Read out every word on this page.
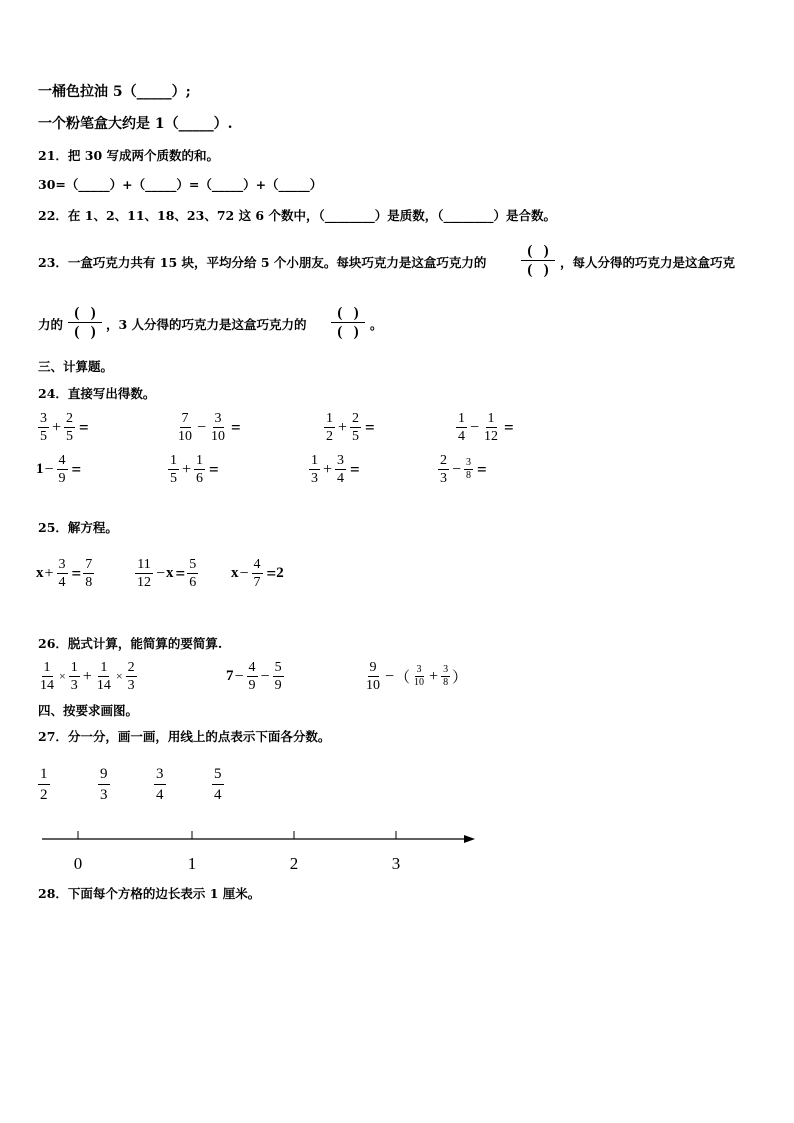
一桶色拉油 5（_____）;
一个粉笔盒大约是 1（_____）.
21．把 30 写成两个质数的和。
30=（_____）+（_____）=（_____）+（_____）
22．在 1、2、11、18、23、72 这 6 个数中，（________）是质数，（________）是合数。
23．一盒巧克力共有 15 块，平均分给 5 个小朋友。每块巧克力是这盒巧克力的
( )
( ) ，每人分得的巧克力是这盒巧克
力的
( )
( ) ，3 人分得的巧克力是这盒巧克力的
( )
( ) 。
三、计算题。
24．直接写出得数。
$\frac{3}{5} + \frac{2}{5}$ =	$\frac{7}{10} - \frac{3}{10}$ =	$\frac{1}{2} + \frac{2}{5}$ =	$\frac{1}{4} - \frac{1}{12}$ =
$1 - \frac{4}{9}$ =	$\frac{1}{5} + \frac{1}{6}$ =	$\frac{1}{3} + \frac{3}{4}$ =	$\frac{2}{3} - \frac{3}{8}$ =
25．解方程。
$x + \frac{3}{4} = \frac{7}{8}$	$\frac{11}{12} - x = \frac{5}{6}$ $x - \frac{4}{7} = 2$
26．脱式计算，能简算的要简算.
$\frac{1}{14} \times \frac{1}{3} + \frac{1}{14} \times \frac{2}{3}$	$7 - \frac{4}{9} - \frac{5}{9}$	$\frac{9}{10}$ − （ $\frac{3}{10} + \frac{3}{8}$ ）
四、按要求画图。
27．分一分，画一画，用线上的点表示下面各分数。
$\frac{1}{2}$	$\frac{9}{3}$	$\frac{3}{4}$	$\frac{5}{4}$
0	1	2	3
28．下面每个方格的边长表示 1 厘米。
